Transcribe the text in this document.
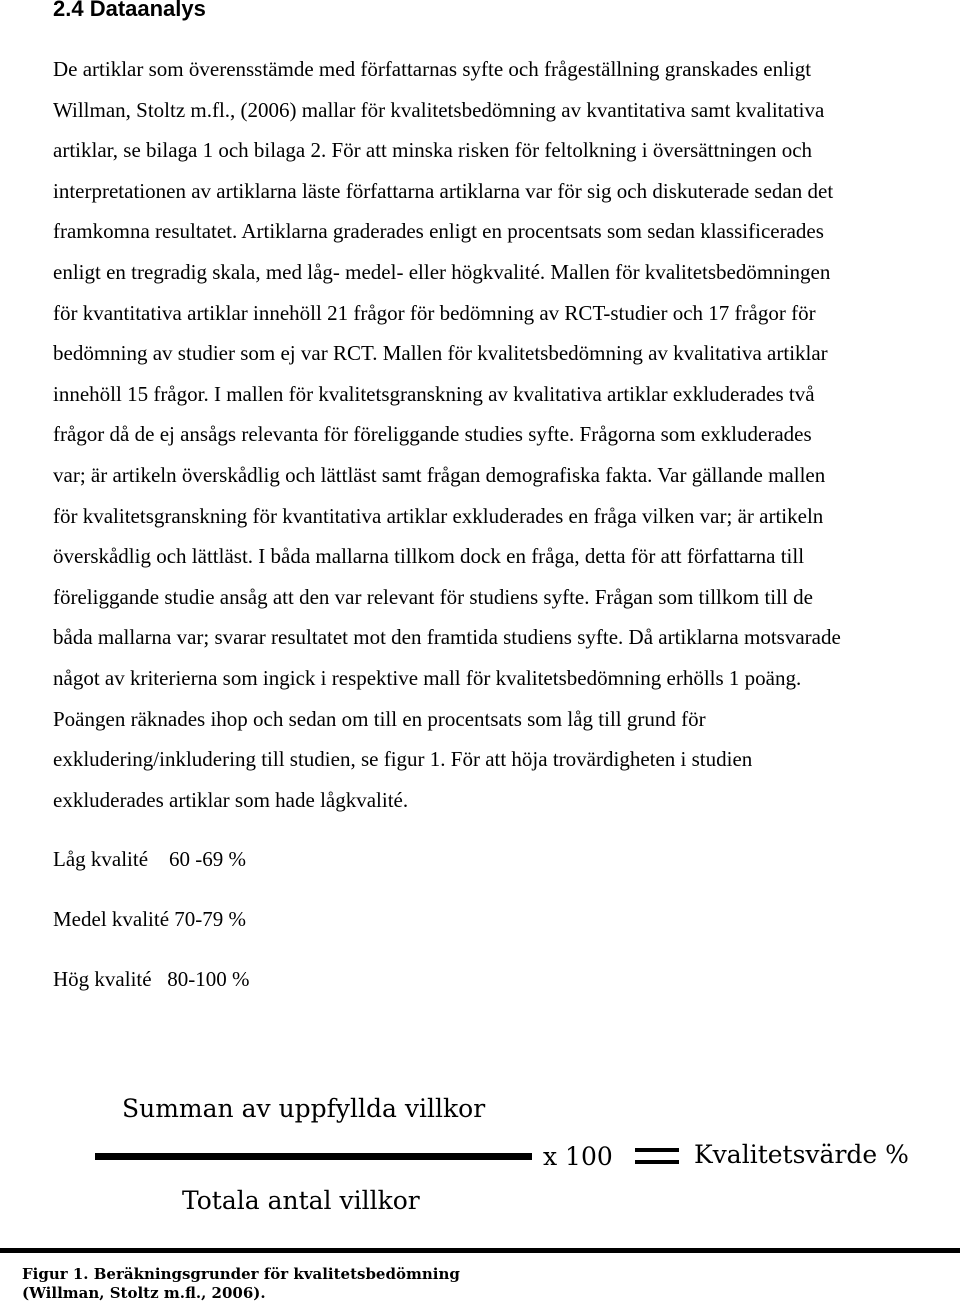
2.4 Dataanalys

De artiklar som överensstämde med författarnas syfte och frågeställning granskades enligt
Willman, Stoltz m.fl., (2006) mallar för kvalitetsbedömning av kvantitativa samt kvalitativa
artiklar, se bilaga 1 och bilaga 2. För att minska risken för feltolkning i översättningen och
interpretationen av artiklarna läste författarna artiklarna var för sig och diskuterade sedan det
framkomna resultatet. Artiklarna graderades enligt en procentsats som sedan klassificerades
enligt en tregradig skala, med låg- medel- eller högkvalité. Mallen för kvalitetsbedömningen
för kvantitativa artiklar innehöll 21 frågor för bedömning av RCT-studier och 17 frågor för
bedömning av studier som ej var RCT. Mallen för kvalitetsbedömning av kvalitativa artiklar
innehöll 15 frågor. I mallen för kvalitetsgranskning av kvalitativa artiklar exkluderades två
frågor då de ej ansågs relevanta för föreliggande studies syfte. Frågorna som exkluderades
var; är artikeln överskådlig och lättläst samt frågan demografiska fakta. Var gällande mallen
för kvalitetsgranskning för kvantitativa artiklar exkluderades en fråga vilken var; är artikeln
överskådlig och lättläst. I båda mallarna tillkom dock en fråga, detta för att författarna till
föreliggande studie ansåg att den var relevant för studiens syfte. Frågan som tillkom till de
båda mallarna var; svarar resultatet mot den framtida studiens syfte. Då artiklarna motsvarade
något av kriterierna som ingick i respektive mall för kvalitetsbedömning erhölls 1 poäng.
Poängen räknades ihop och sedan om till en procentsats som låg till grund för
exkludering/inkludering till studien, se figur 1. För att höja trovärdigheten i studien
exkluderades artiklar som hade lågkvalité.

Låg kvalité    60 -69 %

Medel kvalité 70-79 %

Hög kvalité   80-100 %

Summan av uppfyllda villkor
Totala antal villkor
x 100	Kvalitetsvärde %
Figur 1. Beräkningsgrunder för kvalitetsbedömning
(Willman, Stoltz m.fl., 2006).
